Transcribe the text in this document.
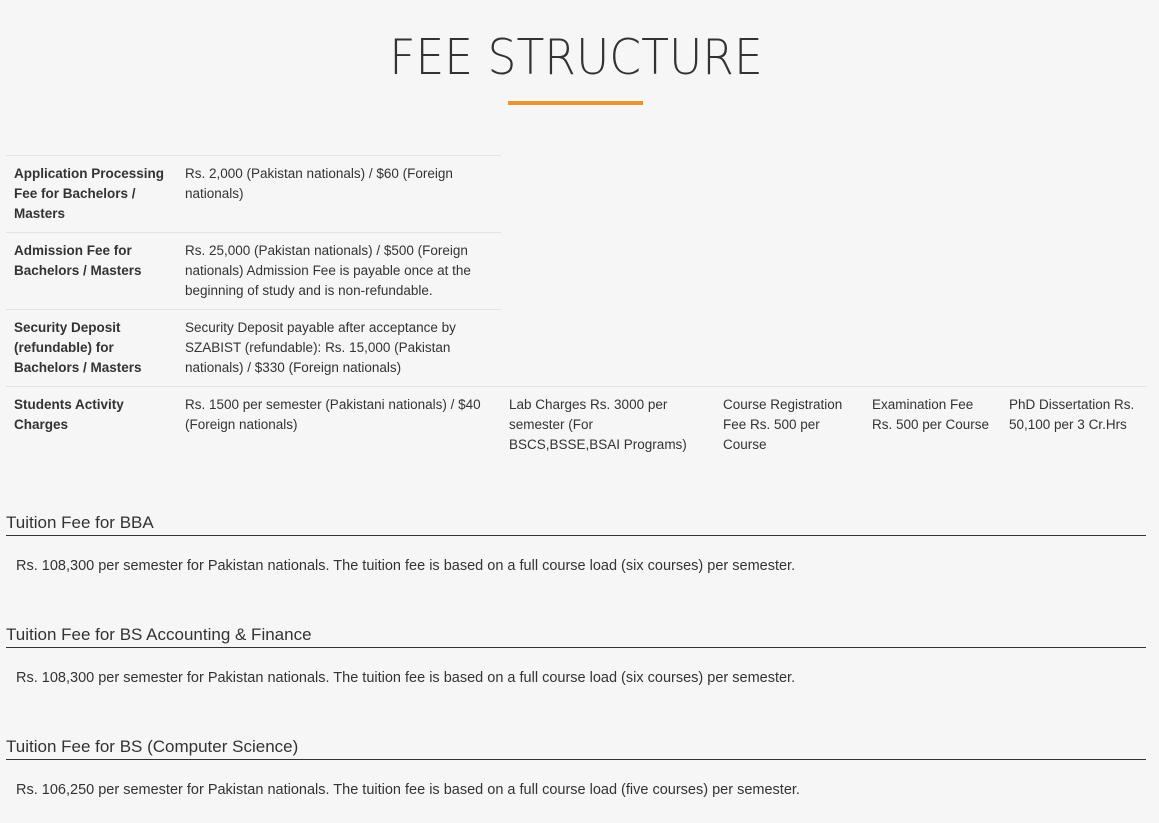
FEE STRUCTURE
Application Processing Fee for Bachelors / Masters	Rs. 2,000 (Pakistan nationals) / $60 (Foreign nationals)				
Admission Fee for Bachelors / Masters	Rs. 25,000 (Pakistan nationals) / $500 (Foreign nationals) Admission Fee is payable once at the beginning of study and is non-refundable.				
Security Deposit (refundable) for Bachelors / Masters	Security Deposit payable after acceptance by SZABIST (refundable): Rs. 15,000 (Pakistan nationals) / $330 (Foreign nationals)				
Students Activity Charges	Rs. 1500 per semester (Pakistani nationals) / $40 (Foreign nationals)	Lab Charges Rs. 3000 per semester (For BSCS,BSSE,BSAI Programs)	Course Registration Fee Rs. 500 per Course	Examination Fee Rs. 500 per Course	PhD Dissertation Rs. 50,100 per 3 Cr.Hrs
Tuition Fee for BBA

Rs. 108,300 per semester for Pakistan nationals. The tuition fee is based on a full course load (six courses) per semester.

Tuition Fee for BS Accounting & Finance

Rs. 108,300 per semester for Pakistan nationals. The tuition fee is based on a full course load (six courses) per semester.

Tuition Fee for BS (Computer Science)

Rs. 106,250 per semester for Pakistan nationals. The tuition fee is based on a full course load (five courses) per semester.
